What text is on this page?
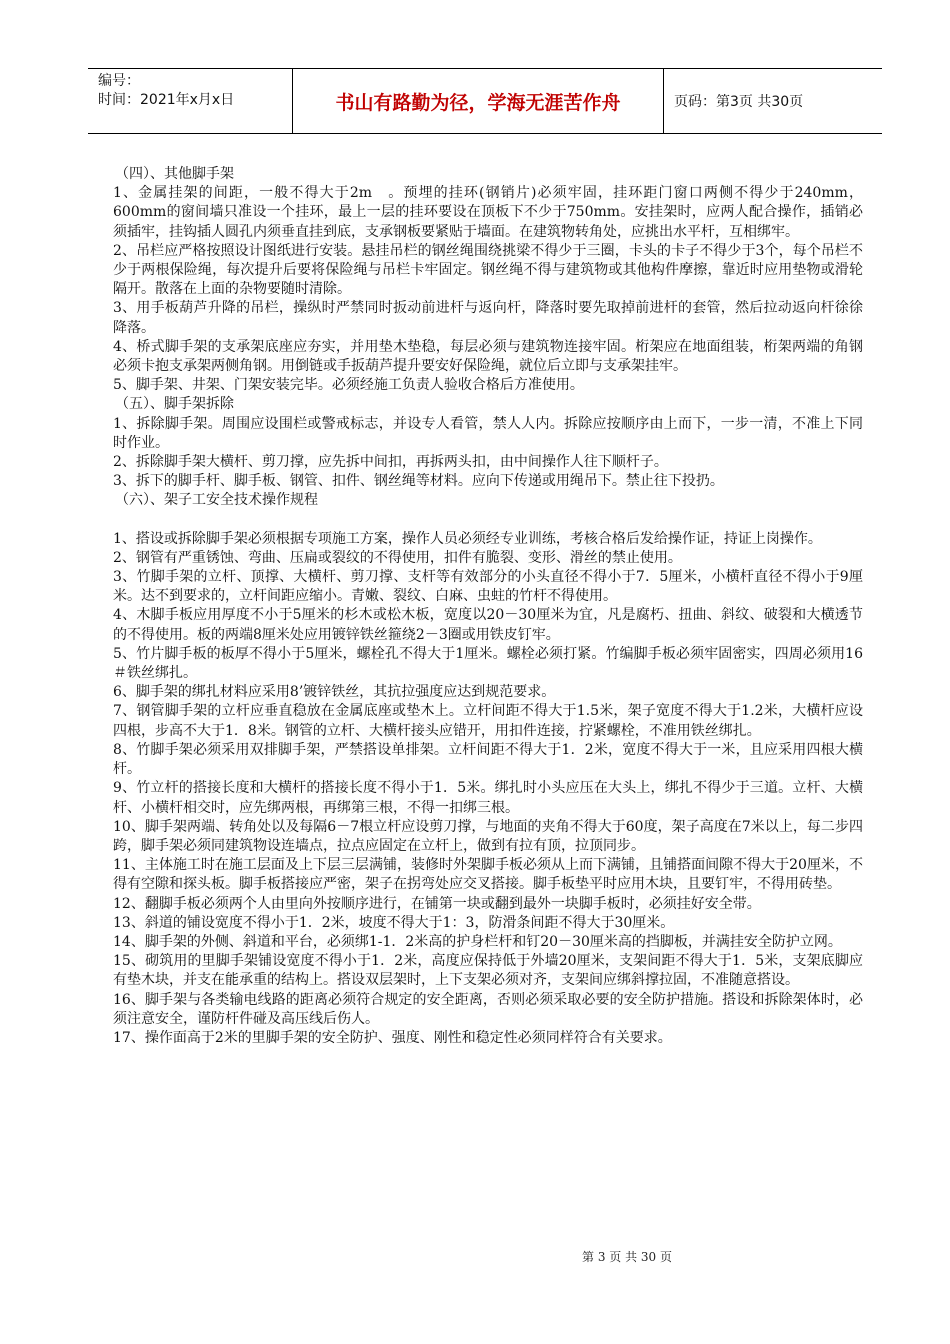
编号：
时间：2021年x月x日	书山有路勤为径，学海无涯苦作舟	页码：第3页 共30页

（四）、其他脚手架

1、金属挂架的间距，一般不得大于2m　。预埋的挂环(钢销片)必须牢固，挂环距门窗口两侧不得少于240mm，600mm的窗间墙只准设一个挂环，最上一层的挂环要设在顶板下不少于750mm。安挂架时，应两人配合操作，插销必须插牢，挂钩插人圆孔内须垂直挂到底，支承钢板要紧贴于墙面。在建筑物转角处，应挑出水平杆，互相绑牢。

2、吊栏应严格按照设计图纸进行安装。悬挂吊栏的钢丝绳围绕挑梁不得少于三圈，卡头的卡子不得少于3个，每个吊栏不少于两根保险绳，每次提升后要将保险绳与吊栏卡牢固定。钢丝绳不得与建筑物或其他构件摩擦，靠近时应用垫物或滑轮隔开。散落在上面的杂物要随时清除。

3、用手板葫芦升降的吊栏，操纵时严禁同时扳动前进杆与返向杆，降落时要先取掉前进杆的套管，然后拉动返向杆徐徐降落。

4、桥式脚手架的支承架底座应夯实，并用垫木垫稳，每层必须与建筑物连接牢固。桁架应在地面组装，桁架两端的角钢必须卡抱支承架两侧角钢。用倒链或手扳葫芦提升要安好保险绳，就位后立即与支承架挂牢。

5、脚手架、井架、门架安装完毕。必须经施工负责人验收合格后方准使用。

（五）、脚手架拆除

1、拆除脚手架。周围应设围栏或警戒标志，并设专人看管，禁人人内。拆除应按顺序由上而下，一步一清，不准上下同时作业。

2、拆除脚手架大横杆、剪刀撑，应先拆中间扣，再拆两头扣，由中间操作人往下顺杆子。

3、拆下的脚手杆、脚手板、钢管、扣件、钢丝绳等材料。应向下传递或用绳吊下。禁止往下投扔。

（六）、架子工安全技术操作规程

1、搭设或拆除脚手架必须根据专项施工方案，操作人员必须经专业训练，考核合格后发给操作证，持证上岗操作。

2、钢管有严重锈蚀、弯曲、压扁或裂纹的不得使用，扣件有脆裂、变形、滑丝的禁止使用。

3、竹脚手架的立杆、顶撑、大横杆、剪刀撑、支杆等有效部分的小头直径不得小于7．5厘米，小横杆直径不得小于9厘米。达不到要求的，立杆间距应缩小。青嫩、裂纹、白麻、虫蛀的竹杆不得使用。

4、木脚手板应用厚度不小于5厘米的杉木或松木板，宽度以20－30厘米为宜，凡是腐朽、扭曲、斜纹、破裂和大横透节的不得使用。板的两端8厘米处应用镀锌铁丝箍绕2－3圈或用铁皮钉牢。

5、竹片脚手板的板厚不得小于5厘米，螺栓孔不得大于1厘米。螺栓必须打紧。竹编脚手板必须牢固密实，四周必须用16＃铁丝绑扎。

6、脚手架的绑扎材料应采用8’镀锌铁丝，其抗拉强度应达到规范要求。

7、钢管脚手架的立杆应垂直稳放在金属底座或垫木上。立杆间距不得大于1.5米，架子宽度不得大于1.2米，大横杆应设四根，步高不大于1．8米。钢管的立杆、大横杆接头应错开，用扣件连接，拧紧螺栓，不准用铁丝绑扎。

8、竹脚手架必须采用双排脚手架，严禁搭设单排架。立杆间距不得大于1．2米，宽度不得大于一米，且应采用四根大横杆。

9、竹立杆的搭接长度和大横杆的搭接长度不得小于1．5米。绑扎时小头应压在大头上，绑扎不得少于三道。立杆、大横杆、小横杆相交时，应先绑两根，再绑第三根，不得一扣绑三根。

10、脚手架两端、转角处以及每隔6－7根立杆应设剪刀撑，与地面的夹角不得大于60度，架子高度在7米以上，每二步四跨，脚手架必须同建筑物设连墙点，拉点应固定在立杆上，做到有拉有顶，拉顶同步。

11、主体施工时在施工层面及上下层三层满铺，装修时外架脚手板必须从上而下满铺，且铺搭面间隙不得大于20厘米，不得有空隙和探头板。脚手板搭接应严密，架子在拐弯处应交叉搭接。脚手板垫平时应用木块，且要钉牢，不得用砖垫。

12、翻脚手板必须两个人由里向外按顺序进行，在铺第一块或翻到最外一块脚手板时，必须挂好安全带。

13、斜道的铺设宽度不得小于1．2米，坡度不得大于1：3，防滑条间距不得大于30厘米。

14、脚手架的外侧、斜道和平台，必须绑1-1．2米高的护身栏杆和钉20－30厘米高的挡脚板，并满挂安全防护立网。

15、砌筑用的里脚手架铺设宽度不得小于1．2米，高度应保持低于外墙20厘米，支架间距不得大于1．5米，支架底脚应有垫木块，并支在能承重的结构上。搭设双层架时，上下支架必须对齐，支架间应绑斜撑拉固，不准随意搭设。

16、脚手架与各类输电线路的距离必须符合规定的安全距离，否则必须采取必要的安全防护措施。搭设和拆除架体时，必须注意安全，谨防杆件碰及高压线后伤人。

17、操作面高于2米的里脚手架的安全防护、强度、刚性和稳定性必须同样符合有关要求。

第 3 页 共 30 页
